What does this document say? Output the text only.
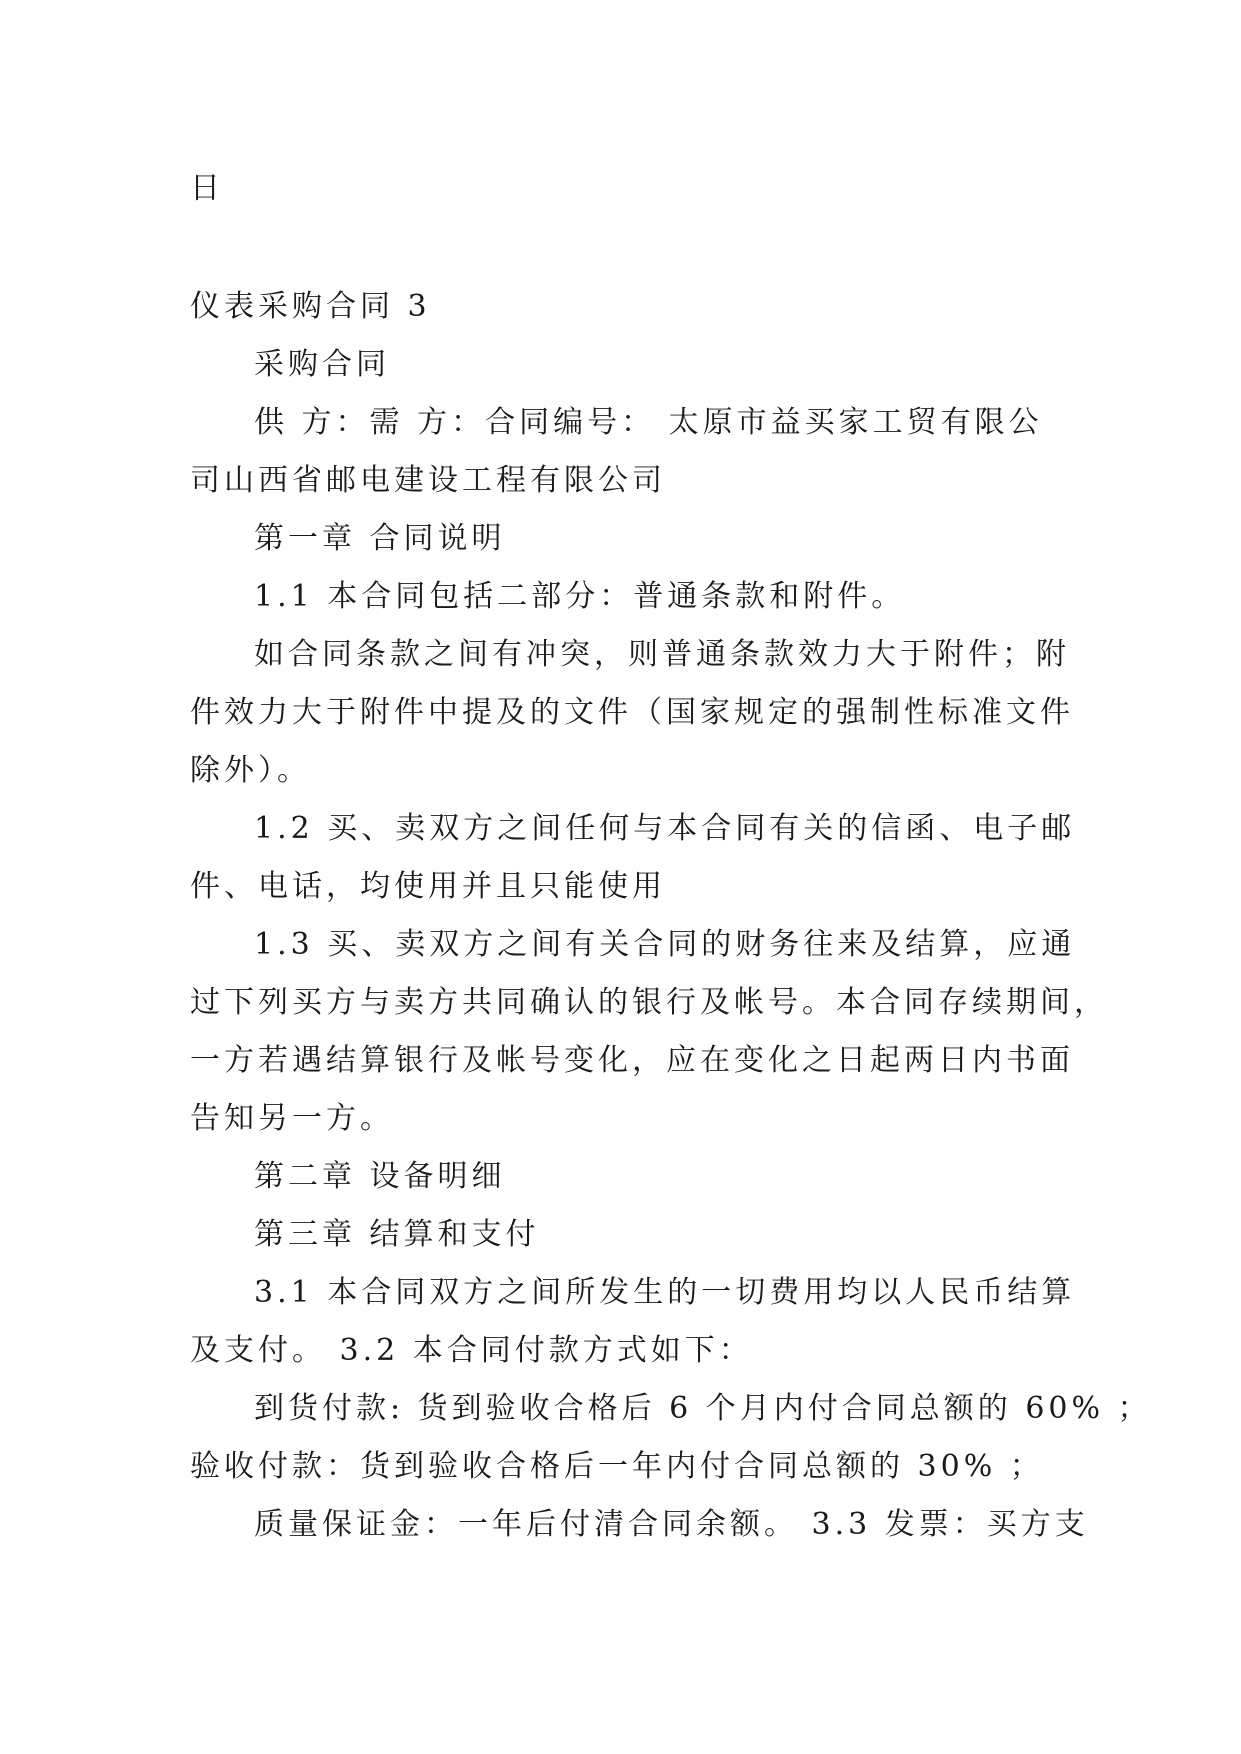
日

仪表采购合同 3

采购合同

供 方：需 方：合同编号： 太原市益买家工贸有限公

司山西省邮电建设工程有限公司

第一章 合同说明

1.1 本合同包括二部分：普通条款和附件。

如合同条款之间有冲突，则普通条款效力大于附件；附

件效力大于附件中提及的文件（国家规定的强制性标准文件

除外）。

1.2 买、卖双方之间任何与本合同有关的信函、电子邮

件、电话，均使用并且只能使用

1.3 买、卖双方之间有关合同的财务往来及结算，应通

过下列买方与卖方共同确认的银行及帐号。本合同存续期间，

一方若遇结算银行及帐号变化，应在变化之日起两日内书面

告知另一方。

第二章 设备明细

第三章 结算和支付

3.1 本合同双方之间所发生的一切费用均以人民币结算

及支付。 3.2 本合同付款方式如下：

到货付款: 货到验收合格后 6 个月内付合同总额的 60% ；

验收付款：货到验收合格后一年内付合同总额的 30% ；

质量保证金：一年后付清合同余额。 3.3 发票：买方支
